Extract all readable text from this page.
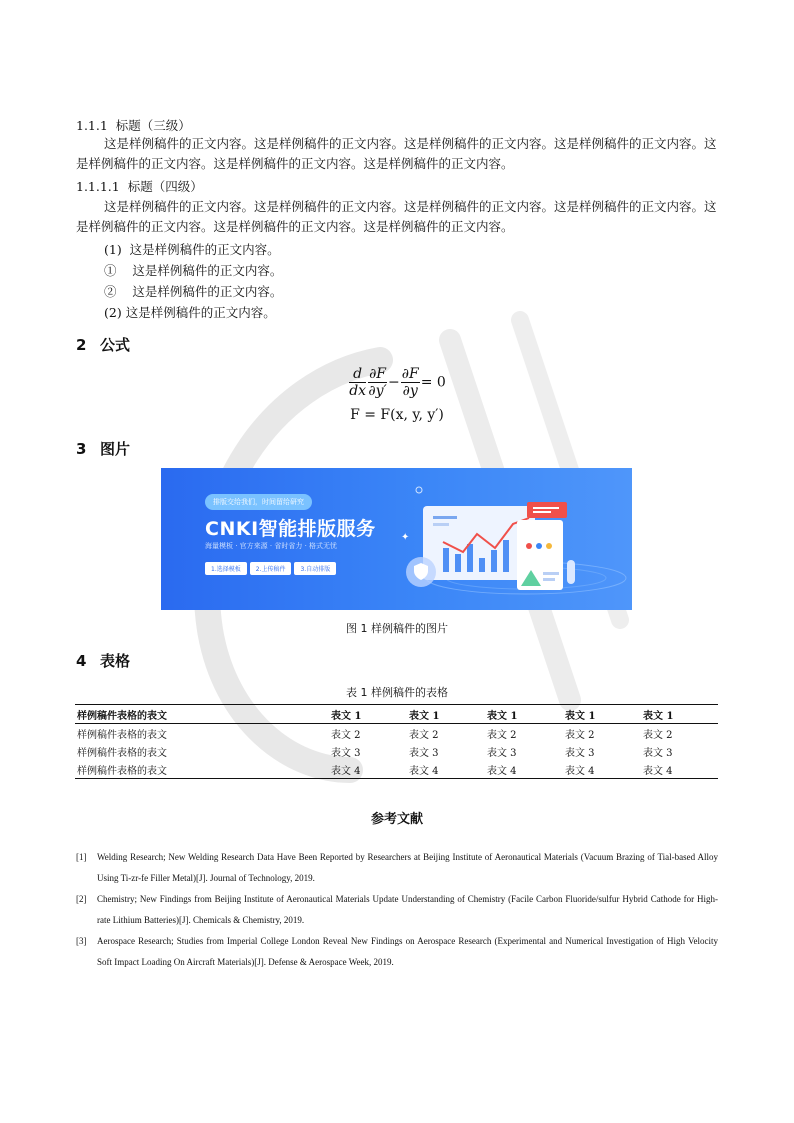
1.1.1 标题（三级）
这是样例稿件的正文内容。这是样例稿件的正文内容。这是样例稿件的正文内容。这是样例稿件的正文内容。这是样例稿件的正文内容。这是样例稿件的正文内容。这是样例稿件的正文内容。
1.1.1.1 标题（四级）
这是样例稿件的正文内容。这是样例稿件的正文内容。这是样例稿件的正文内容。这是样例稿件的正文内容。这是样例稿件的正文内容。这是样例稿件的正文内容。这是样例稿件的正文内容。
(1) 这是样例稿件的正文内容。
① 这是样例稿件的正文内容。
② 这是样例稿件的正文内容。
(2) 这是样例稿件的正文内容。
2 公式
$\frac{d}{dx} \frac{\partial F}{\partial y'} - \frac{\partial F}{\partial y} = 0$
F = F(x, y, y′)
3 图片
排版交给我们，时间留给研究
CNKI智能排版服务
海量模板 · 官方来源 · 省时省力 · 格式无忧
1.选择模板	2.上传稿件	3.自动排版
✦
图 1 样例稿件的图片
4 表格
表 1 样例稿件的表格
样例稿件表格的表文	表文 1	表文 1	表文 1	表文 1	表文 1
样例稿件表格的表文	表文 2	表文 2	表文 2	表文 2	表文 2
样例稿件表格的表文	表文 3	表文 3	表文 3	表文 3	表文 3
样例稿件表格的表文	表文 4	表文 4	表文 4	表文 4	表文 4
参考文献
[1] Welding Research; New Welding Research Data Have Been Reported by Researchers at Beijing Institute of Aeronautical Materials (Vacuum Brazing of Tial-based Alloy Using Ti-zr-fe Filler Metal)[J]. Journal of Technology, 2019.
[2] Chemistry; New Findings from Beijing Institute of Aeronautical Materials Update Understanding of Chemistry (Facile Carbon Fluoride/sulfur Hybrid Cathode for High-rate Lithium Batteries)[J]. Chemicals & Chemistry, 2019.
[3] Aerospace Research; Studies from Imperial College London Reveal New Findings on Aerospace Research (Experimental and Numerical Investigation of High Velocity Soft Impact Loading On Aircraft Materials)[J]. Defense & Aerospace Week, 2019.
